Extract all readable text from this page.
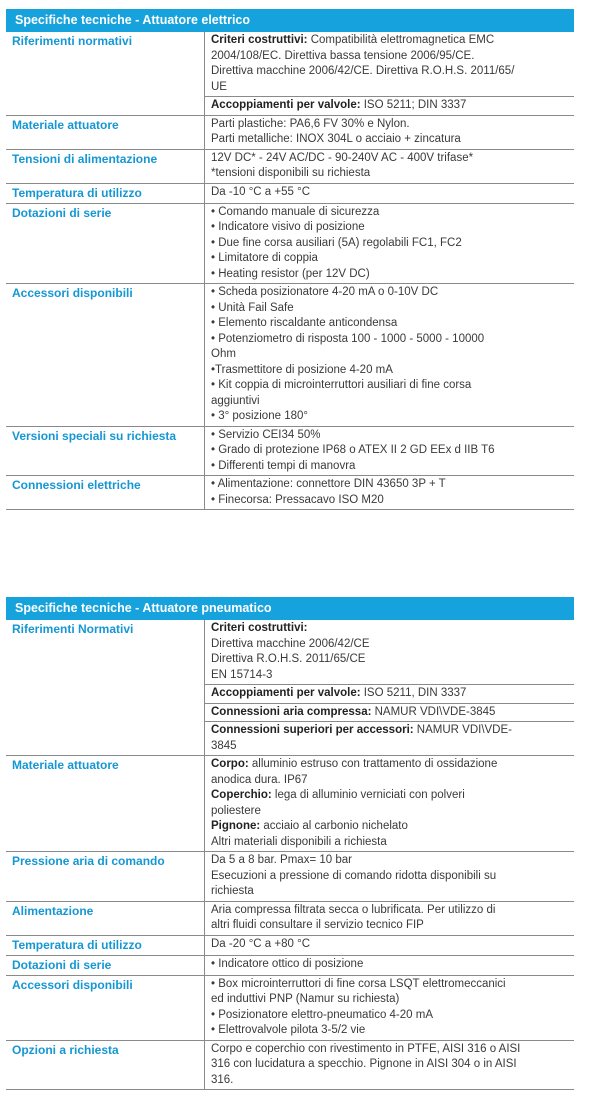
Specifiche tecniche - Attuatore elettrico
Riferimenti normativi	Criteri costruttivi: Compatibilità elettromagnetica EMC
2004/108/EC. Direttiva bassa tensione 2006/95/CE.
Direttiva macchine 2006/42/CE. Direttiva R.O.H.S. 2011/65/
UE
Accoppiamenti per valvole: ISO 5211; DIN 3337
Materiale attuatore	Parti plastiche: PA6,6 FV 30% e Nylon.
Parti metalliche: INOX 304L o acciaio + zincatura
Tensioni di alimentazione	12V DC* - 24V AC/DC - 90-240V AC - 400V trifase*
*tensioni disponibili su richiesta
Temperatura di utilizzo	Da -10 °C a +55 °C
Dotazioni di serie	• Comando manuale di sicurezza
• Indicatore visivo di posizione
• Due fine corsa ausiliari (5A) regolabili FC1, FC2
• Limitatore di coppia
• Heating resistor (per 12V DC)
Accessori disponibili	• Scheda posizionatore 4-20 mA o 0-10V DC
• Unità Fail Safe
• Elemento riscaldante anticondensa
• Potenziometro di risposta 100 - 1000 - 5000 - 10000
Ohm
•Trasmettitore di posizione 4-20 mA
• Kit coppia di microinterruttori ausiliari di fine corsa
aggiuntivi
• 3° posizione 180°
Versioni speciali su richiesta	• Servizio CEI34 50%
• Grado di protezione IP68 o ATEX II 2 GD EEx d IIB T6
• Differenti tempi di manovra
Connessioni elettriche	• Alimentazione: connettore DIN 43650 3P + T
• Finecorsa: Pressacavo ISO M20
Specifiche tecniche - Attuatore pneumatico
Riferimenti Normativi	Criteri costruttivi:
Direttiva macchine 2006/42/CE
Direttiva R.O.H.S. 2011/65/CE
EN 15714-3
Accoppiamenti per valvole: ISO 5211, DIN 3337
Connessioni aria compressa: NAMUR VDI\VDE-3845
Connessioni superiori per accessori: NAMUR VDI\VDE-
3845
Materiale attuatore	Corpo: alluminio estruso con trattamento di ossidazione
anodica dura. IP67
Coperchio: lega di alluminio verniciati con polveri
poliestere
Pignone: acciaio al carbonio nichelato
Altri materiali disponibili a richiesta
Pressione aria di comando	Da 5 a 8 bar. Pmax= 10 bar
Esecuzioni a pressione di comando ridotta disponibili su
richiesta
Alimentazione	Aria compressa filtrata secca o lubrificata. Per utilizzo di
altri fluidi consultare il servizio tecnico FIP
Temperatura di utilizzo	Da -20 °C a +80 °C
Dotazioni di serie	• Indicatore ottico di posizione
Accessori disponibili	• Box microinterruttori di fine corsa LSQT elettromeccanici
ed induttivi PNP (Namur su richiesta)
• Posizionatore elettro-pneumatico 4-20 mA
• Elettrovalvole pilota 3-5/2 vie
Opzioni a richiesta	Corpo e coperchio con rivestimento in PTFE, AISI 316 o AISI
316 con lucidatura a specchio. Pignone in AISI 304 o in AISI
316.
